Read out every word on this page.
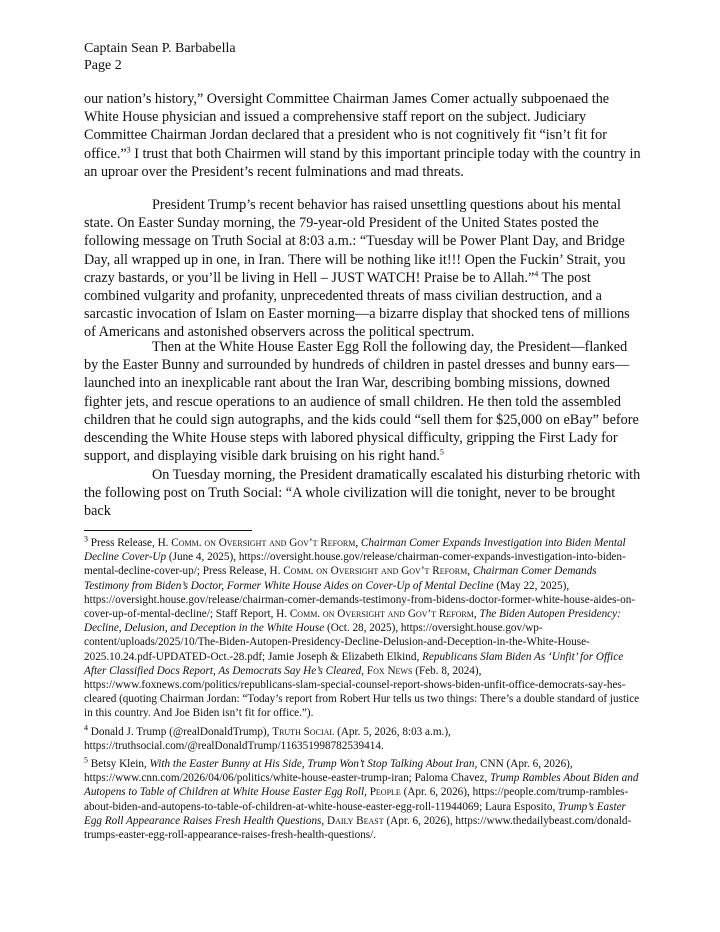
Captain Sean P. Barbabella
Page 2

our nation’s history,” Oversight Committee Chairman James Comer actually subpoenaed the White House physician and issued a comprehensive staff report on the subject. Judiciary Committee Chairman Jordan declared that a president who is not cognitively fit “isn’t fit for office.”$^3$ I trust that both Chairmen will stand by this important principle today with the country in an uproar over the President’s recent fulminations and mad threats.

President Trump’s recent behavior has raised unsettling questions about his mental state. On Easter Sunday morning, the 79-year-old President of the United States posted the following message on Truth Social at 8:03 a.m.: “Tuesday will be Power Plant Day, and Bridge Day, all wrapped up in one, in Iran. There will be nothing like it!!! Open the Fuckin’ Strait, you crazy bastards, or you’ll be living in Hell – JUST WATCH! Praise be to Allah.”$^4$ The post combined vulgarity and profanity, unprecedented threats of mass civilian destruction, and a sarcastic invocation of Islam on Easter morning—a bizarre display that shocked tens of millions of Americans and astonished observers across the political spectrum.

Then at the White House Easter Egg Roll the following day, the President—flanked by the Easter Bunny and surrounded by hundreds of children in pastel dresses and bunny ears—launched into an inexplicable rant about the Iran War, describing bombing missions, downed fighter jets, and rescue operations to an audience of small children. He then told the assembled children that he could sign autographs, and the kids could “sell them for $25,000 on eBay” before descending the White House steps with labored physical difficulty, gripping the First Lady for support, and displaying visible dark bruising on his right hand.$^5$

On Tuesday morning, the President dramatically escalated his disturbing rhetoric with the following post on Truth Social: “A whole civilization will die tonight, never to be brought back

$^3$ Press Release, H. Comm. on Oversight and Gov’t Reform, Chairman Comer Expands Investigation into Biden Mental Decline Cover-Up (June 4, 2025), https://oversight.house.gov/release/chairman-comer-expands-investigation-into-biden-mental-decline-cover-up/; Press Release, H. Comm. on Oversight and Gov’t Reform, Chairman Comer Demands Testimony from Biden’s Doctor, Former White House Aides on Cover-Up of Mental Decline (May 22, 2025), https://oversight.house.gov/release/chairman-comer-demands-testimony-from-bidens-doctor-former-white-house-aides-on-cover-up-of-mental-decline/; Staff Report, H. Comm. on Oversight and Gov’t Reform, The Biden Autopen Presidency: Decline, Delusion, and Deception in the White House (Oct. 28, 2025), https://oversight.house.gov/wp-content/uploads/2025/10/The-Biden-Autopen-Presidency-Decline-Delusion-and-Deception-in-the-White-House-2025.10.24.pdf-UPDATED-Oct.-28.pdf; Jamie Joseph & Elizabeth Elkind, Republicans Slam Biden As ‘Unfit’ for Office After Classified Docs Report, As Democrats Say He’s Cleared, Fox News (Feb. 8, 2024), https://www.foxnews.com/politics/republicans-slam-special-counsel-report-shows-biden-unfit-office-democrats-say-hes-cleared (quoting Chairman Jordan: “Today’s report from Robert Hur tells us two things: There’s a double standard of justice in this country. And Joe Biden isn’t fit for office.”).

$^4$ Donald J. Trump (@realDonaldTrump), Truth Social (Apr. 5, 2026, 8:03 a.m.), https://truthsocial.com/@realDonaldTrump/116351998782539414.

$^5$ Betsy Klein, With the Easter Bunny at His Side, Trump Won’t Stop Talking About Iran, CNN (Apr. 6, 2026), https://www.cnn.com/2026/04/06/politics/white-house-easter-trump-iran; Paloma Chavez, Trump Rambles About Biden and Autopens to Table of Children at White House Easter Egg Roll, People (Apr. 6, 2026), https://people.com/trump-rambles-about-biden-and-autopens-to-table-of-children-at-white-house-easter-egg-roll-11944069; Laura Esposito, Trump’s Easter Egg Roll Appearance Raises Fresh Health Questions, Daily Beast (Apr. 6, 2026), https://www.thedailybeast.com/donald-trumps-easter-egg-roll-appearance-raises-fresh-health-questions/.
